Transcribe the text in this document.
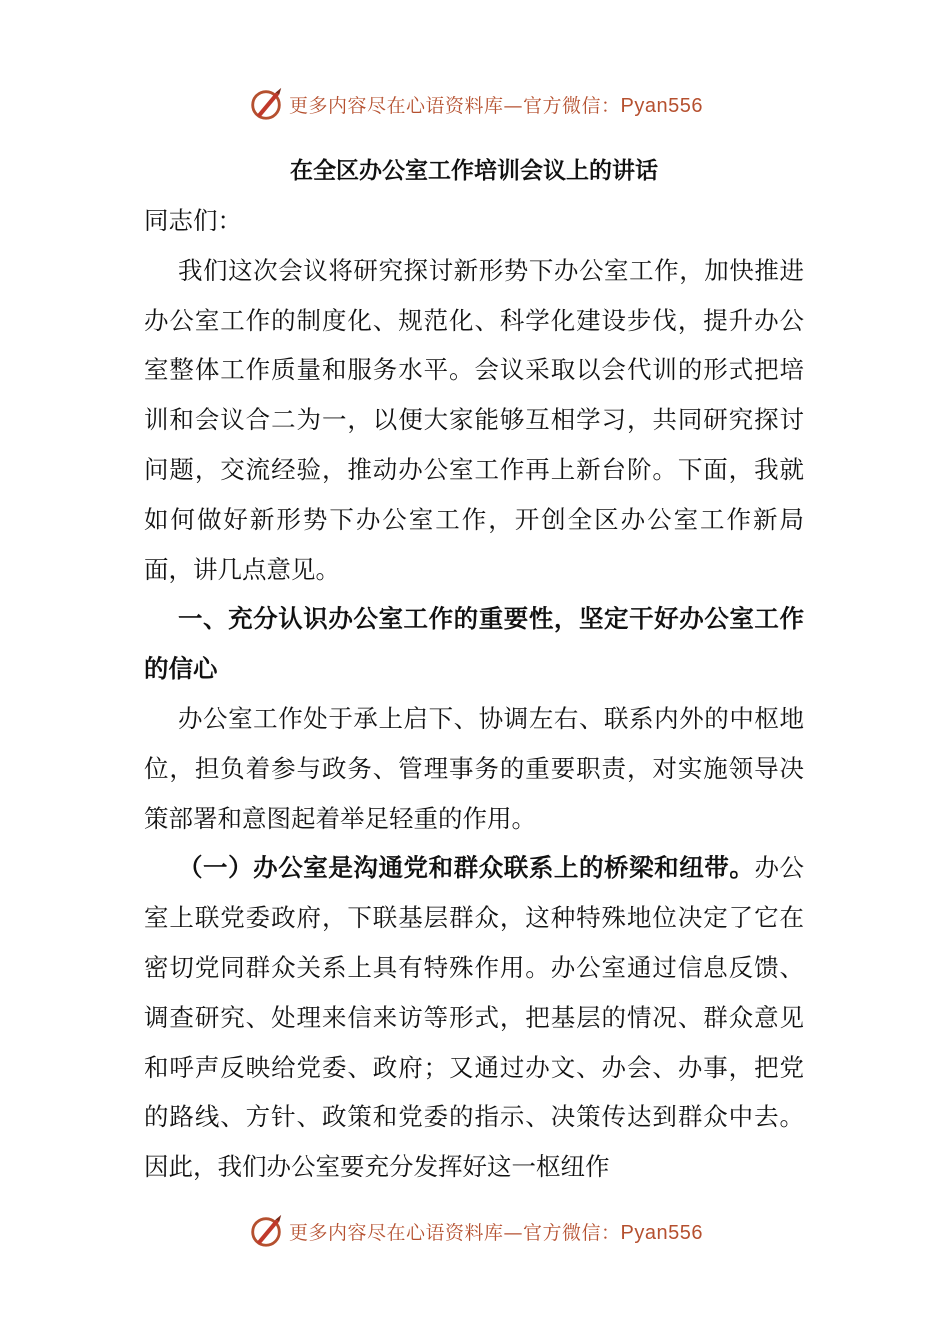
更多内容尽在心语资料库—官方微信：Pyan556
在全区办公室工作培训会议上的讲话

同志们：

我们这次会议将研究探讨新形势下办公室工作，加快推进办公室工作的制度化、规范化、科学化建设步伐，提升办公室整体工作质量和服务水平。会议采取以会代训的形式把培训和会议合二为一，以便大家能够互相学习，共同研究探讨问题，交流经验，推动办公室工作再上新台阶。下面，我就如何做好新形势下办公室工作，开创全区办公室工作新局面，讲几点意见。

一、充分认识办公室工作的重要性，坚定干好办公室工作的信心

办公室工作处于承上启下、协调左右、联系内外的中枢地位，担负着参与政务、管理事务的重要职责，对实施领导决策部署和意图起着举足轻重的作用。

（一）办公室是沟通党和群众联系上的桥梁和纽带。办公室上联党委政府，下联基层群众，这种特殊地位决定了它在密切党同群众关系上具有特殊作用。办公室通过信息反馈、调查研究、处理来信来访等形式，把基层的情况、群众意见和呼声反映给党委、政府；又通过办文、办会、办事，把党的路线、方针、政策和党委的指示、决策传达到群众中去。因此，我们办公室要充分发挥好这一枢纽作

更多内容尽在心语资料库—官方微信：Pyan556
